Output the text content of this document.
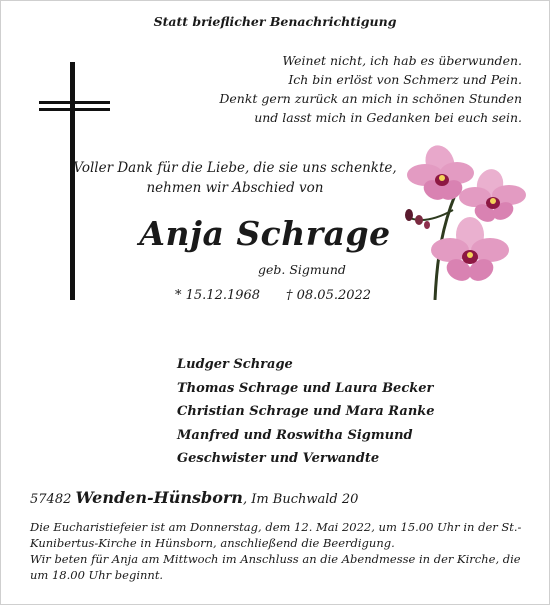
Statt brieflicher Benachrichtigung
Weinet nicht, ich hab es überwunden.
Ich bin erlöst von Schmerz und Pein.
Denkt gern zurück an mich in schönen Stunden
und lasst mich in Gedanken bei euch sein.
Voller Dank für die Liebe, die sie uns schenkte,
nehmen wir Abschied von
Anja Schrage
geb. Sigmund
* 15.12.1968 † 08.05.2022
Ludger Schrage
Thomas Schrage und Laura Becker
Christian Schrage und Mara Ranke
Manfred und Roswitha Sigmund
Geschwister und Verwandte
57482 Wenden-Hünsborn, Im Buchwald 20

Die Eucharistiefeier ist am Donnerstag, dem 12. Mai 2022, um 15.00 Uhr in der St.-Kunibertus-Kirche in Hünsborn, anschließend die Beerdigung.

Wir beten für Anja am Mittwoch im Anschluss an die Abendmesse in der Kirche, die um 18.00 Uhr beginnt.
